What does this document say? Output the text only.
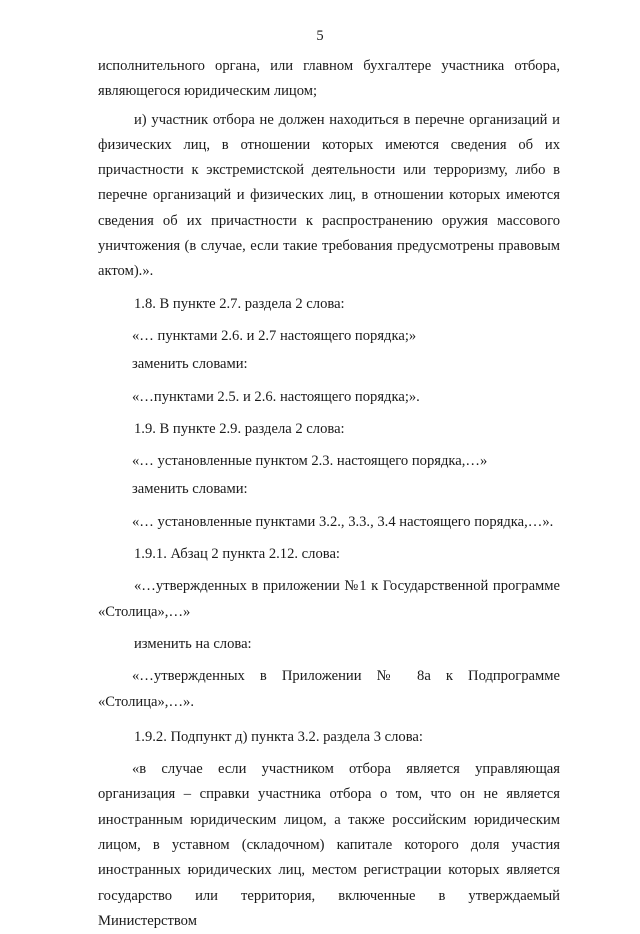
5

исполнительного органа, или главном бухгалтере участника отбора, являющегося юридическим лицом;

и) участник отбора не должен находиться в перечне организаций и физических лиц, в отношении которых имеются сведения об их причастности к экстремистской деятельности или терроризму, либо в перечне организаций и физических лиц, в отношении которых имеются сведения об их причастности к распространению оружия массового уничтожения (в случае, если такие требования предусмотрены правовым актом).».

1.8. В пункте 2.7. раздела 2 слова:

«… пунктами 2.6. и 2.7 настоящего порядка;»

заменить словами:

«…пунктами 2.5. и 2.6. настоящего порядка;».

1.9. В пункте 2.9. раздела 2 слова:

«… установленные пунктом 2.3. настоящего порядка,…»

заменить словами:

«… установленные пунктами 3.2., 3.3., 3.4 настоящего порядка,…».

1.9.1. Абзац 2 пункта 2.12. слова:

«…утвержденных в приложении №1 к Государственной программе «Столица»,…»

изменить на слова:

«…утвержденных в Приложении № 8а к Подпрограмме «Столица»,…».

1.9.2. Подпункт д) пункта 3.2. раздела 3 слова:

«в случае если участником отбора является управляющая организация – справки участника отбора о том, что он не является иностранным юридическим лицом, а также российским юридическим лицом, в уставном (складочном) капитале которого доля участия иностранных юридических лиц, местом регистрации которых является государство или территория, включенные в утверждаемый Министерством
